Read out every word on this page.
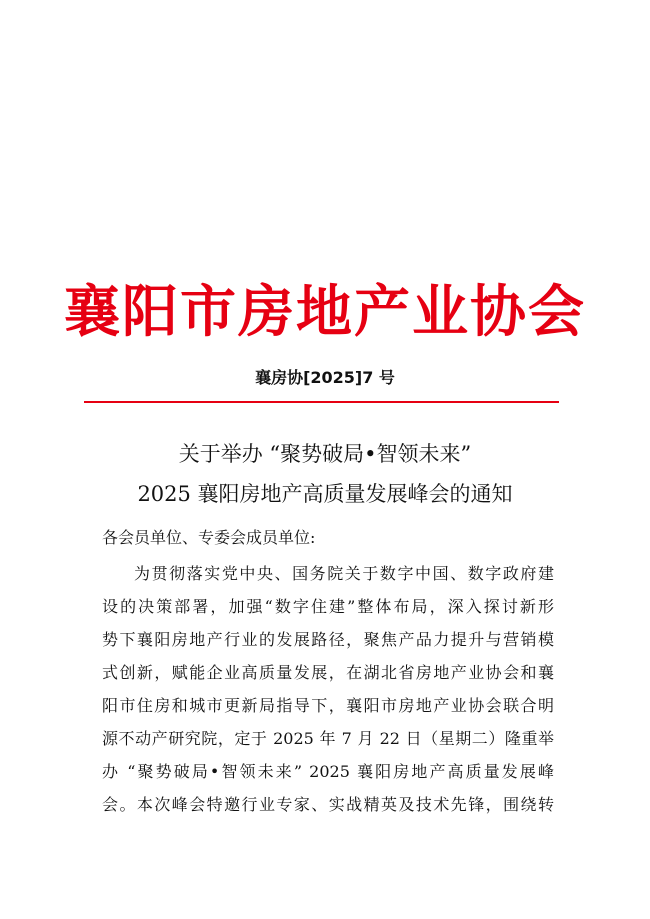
襄阳市房地产业协会
襄房协[2025]7 号
关于举办 “聚势破局•智领未来”
2025 襄阳房地产高质量发展峰会的通知
各会员单位、专委会成员单位:
为贯彻落实党中央、国务院关于数字中国、数字政府建
设的决策部署，加强“数字住建”整体布局，深入探讨新形
势下襄阳房地产行业的发展路径，聚焦产品力提升与营销模
式创新，赋能企业高质量发展，在湖北省房地产业协会和襄
阳市住房和城市更新局指导下，襄阳市房地产业协会联合明
源不动产研究院，定于 2025 年 7 月 22 日（星期二）隆重举
办 “聚势破局•智领未来” 2025 襄阳房地产高质量发展峰
会。本次峰会特邀行业专家、实战精英及技术先锋，围绕转
